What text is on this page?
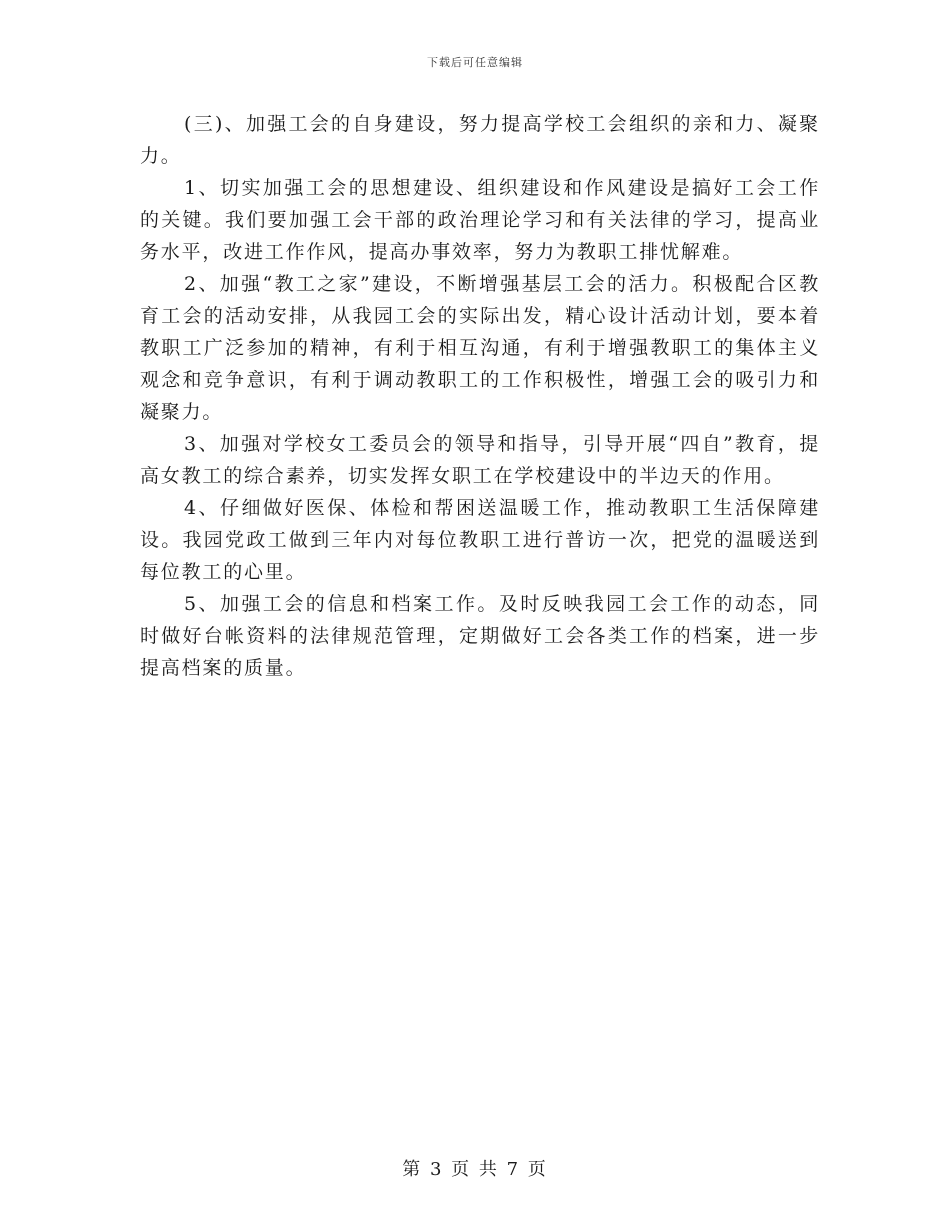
下载后可任意编辑

(三)、加强工会的自身建设，努力提高学校工会组织的亲和力、凝聚力。

1、切实加强工会的思想建设、组织建设和作风建设是搞好工会工作的关键。我们要加强工会干部的政治理论学习和有关法律的学习，提高业务水平，改进工作作风，提高办事效率，努力为教职工排忧解难。

2、加强“教工之家”建设，不断增强基层工会的活力。积极配合区教育工会的活动安排，从我园工会的实际出发，精心设计活动计划，要本着教职工广泛参加的精神，有利于相互沟通，有利于增强教职工的集体主义观念和竞争意识，有利于调动教职工的工作积极性，增强工会的吸引力和凝聚力。

3、加强对学校女工委员会的领导和指导，引导开展“四自”教育，提高女教工的综合素养，切实发挥女职工在学校建设中的半边天的作用。

4、仔细做好医保、体检和帮困送温暖工作，推动教职工生活保障建设。我园党政工做到三年内对每位教职工进行普访一次，把党的温暖送到每位教工的心里。

5、加强工会的信息和档案工作。及时反映我园工会工作的动态，同时做好台帐资料的法律规范管理，定期做好工会各类工作的档案，进一步提高档案的质量。

第 3 页 共 7 页
